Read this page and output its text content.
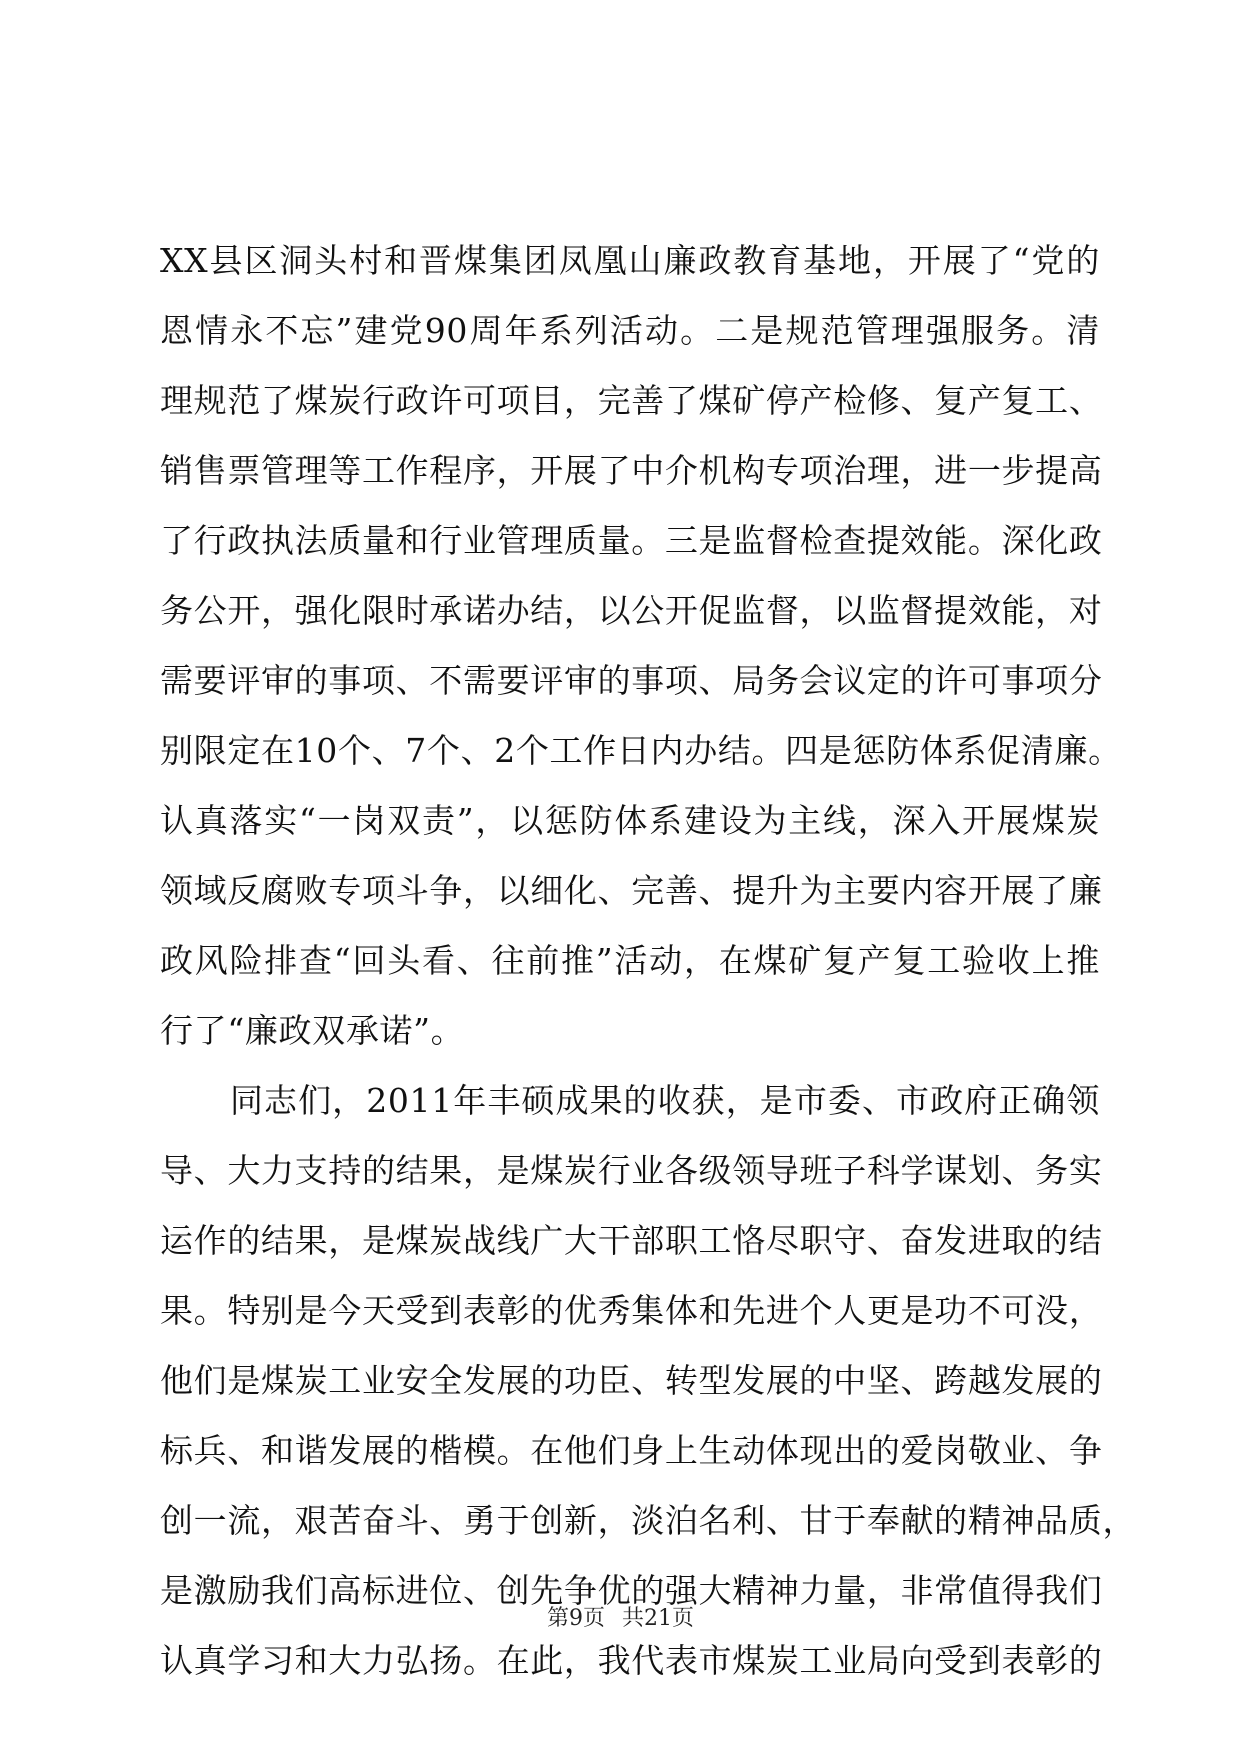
XX县区洞头村和晋煤集团凤凰山廉政教育基地，开展了“党的
恩情永不忘”建党90周年系列活动。二是规范管理强服务。清
理规范了煤炭行政许可项目，完善了煤矿停产检修、复产复工、
销售票管理等工作程序，开展了中介机构专项治理，进一步提高
了行政执法质量和行业管理质量。三是监督检查提效能。深化政
务公开，强化限时承诺办结，以公开促监督，以监督提效能，对
需要评审的事项、不需要评审的事项、局务会议定的许可事项分
别限定在10个、7个、2个工作日内办结。四是惩防体系促清廉。
认真落实“一岗双责”，以惩防体系建设为主线，深入开展煤炭
领域反腐败专项斗争，以细化、完善、提升为主要内容开展了廉
政风险排查“回头看、往前推”活动，在煤矿复产复工验收上推
行了“廉政双承诺”。
同志们，2011年丰硕成果的收获，是市委、市政府正确领
导、大力支持的结果，是煤炭行业各级领导班子科学谋划、务实
运作的结果，是煤炭战线广大干部职工恪尽职守、奋发进取的结
果。特别是今天受到表彰的优秀集体和先进个人更是功不可没，
他们是煤炭工业安全发展的功臣、转型发展的中坚、跨越发展的
标兵、和谐发展的楷模。在他们身上生动体现出的爱岗敬业、争
创一流，艰苦奋斗、勇于创新，淡泊名利、甘于奉献的精神品质，
是激励我们高标进位、创先争优的强大精神力量，非常值得我们
认真学习和大力弘扬。在此，我代表市煤炭工业局向受到表彰的
第9页 共21页
